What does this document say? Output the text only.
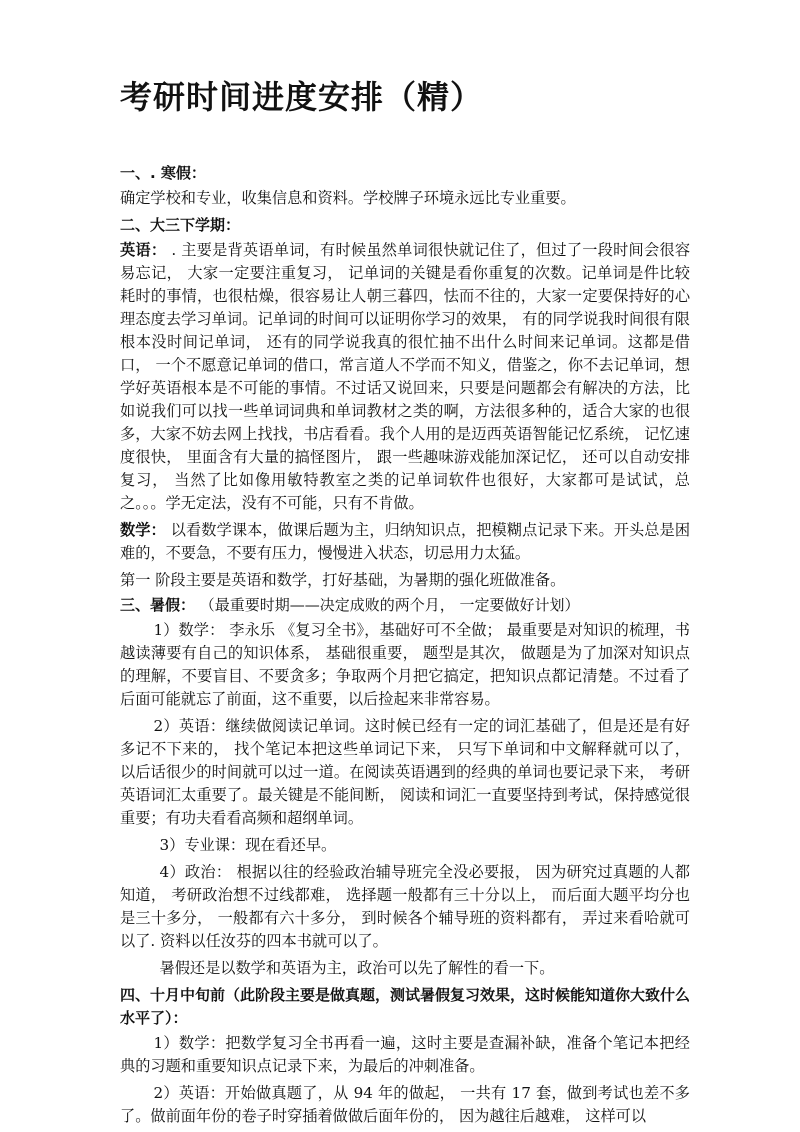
考研时间进度安排（精）
一、. 寒假：

确定学校和专业，收集信息和资料。学校牌子环境永远比专业重要。

二、大三下学期：

英语： . 主要是背英语单词，有时候虽然单词很快就记住了，但过了一段时间会很容易忘记， 大家一定要注重复习， 记单词的关键是看你重复的次数。记单词是件比较耗时的事情，也很枯燥，很容易让人朝三暮四，怯而不往的，大家一定要保持好的心理态度去学习单词。记单词的时间可以证明你学习的效果， 有的同学说我时间很有限根本没时间记单词， 还有的同学说我真的很忙抽不出什么时间来记单词。这都是借口， 一个不愿意记单词的借口，常言道人不学而不知义，借鉴之，你不去记单词，想学好英语根本是不可能的事情。不过话又说回来，只要是问题都会有解决的方法，比如说我们可以找一些单词词典和单词教材之类的啊，方法很多种的，适合大家的也很多，大家不妨去网上找找，书店看看。我个人用的是迈西英语智能记忆系统， 记忆速度很快， 里面含有大量的搞怪图片， 跟一些趣味游戏能加深记忆， 还可以自动安排复习， 当然了比如像用敏特教室之类的记单词软件也很好，大家都可是试试，总之。。。学无定法，没有不可能，只有不肯做。

数学： 以看数学课本，做课后题为主，归纳知识点，把模糊点记录下来。开头总是困难的，不要急，不要有压力，慢慢进入状态，切忌用力太猛。

第一 阶段主要是英语和数学，打好基础，为暑期的强化班做准备。

三、暑假： （最重要时期——决定成败的两个月， 一定要做好计划）

1）数学： 李永乐 《复习全书》，基础好可不全做； 最重要是对知识的梳理，书越读薄要有自己的知识体系， 基础很重要， 题型是其次， 做题是为了加深对知识点的理解，不要盲目、不要贪多；争取两个月把它搞定，把知识点都记清楚。不过看了后面可能就忘了前面，这不重要，以后捡起来非常容易。

2）英语：继续做阅读记单词。这时候已经有一定的词汇基础了，但是还是有好多记不下来的， 找个笔记本把这些单词记下来， 只写下单词和中文解释就可以了， 以后话很少的时间就可以过一道。在阅读英语遇到的经典的单词也要记录下来， 考研英语词汇太重要了。最关键是不能间断， 阅读和词汇一直要坚持到考试，保持感觉很重要；有功夫看看高频和超纲单词。

3）专业课：现在看还早。

4）政治： 根据以往的经验政治辅导班完全没必要报， 因为研究过真题的人都知道， 考研政治想不过线都难， 选择题一般都有三十分以上， 而后面大题平均分也是三十多分， 一般都有六十多分， 到时候各个辅导班的资料都有， 弄过来看哈就可以了. 资料以任汝芬的四本书就可以了。

暑假还是以数学和英语为主，政治可以先了解性的看一下。

四、十月中旬前（此阶段主要是做真题，测试暑假复习效果，这时候能知道你大致什么水平了）：

1）数学：把数学复习全书再看一遍，这时主要是查漏补缺，准备个笔记本把经典的习题和重要知识点记录下来，为最后的冲刺准备。

2）英语：开始做真题了，从 94 年的做起， 一共有 17 套，做到考试也差不多了。做前面年份的卷子时穿插着做做后面年份的， 因为越往后越难， 这样可以
